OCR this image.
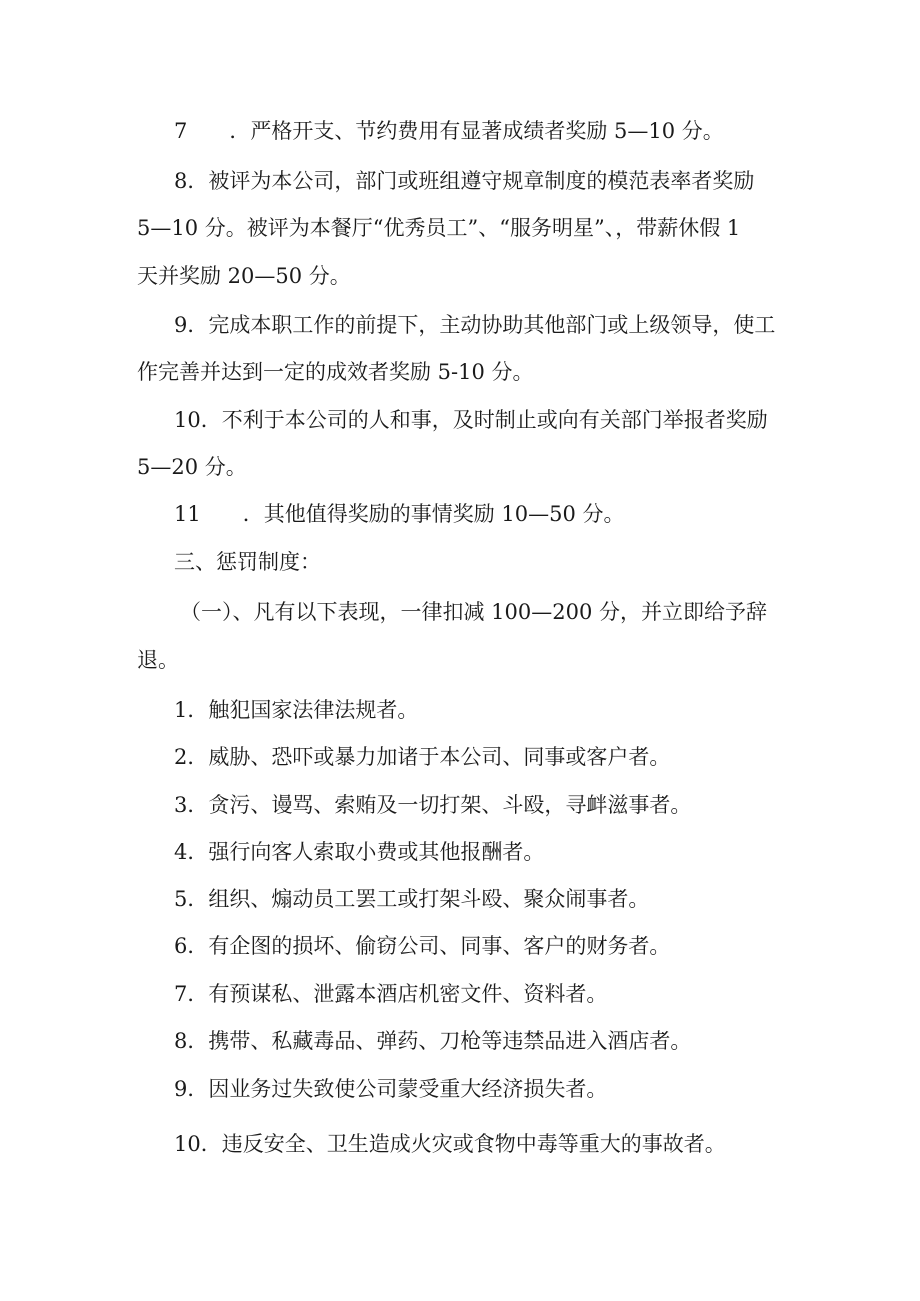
7　　．严格开支、节约费用有显著成绩者奖励 5—10 分。
8．被评为本公司，部门或班组遵守规章制度的模范表率者奖励
5—10 分。被评为本餐厅“优秀员工”、“服务明星”、，带薪休假 1
天并奖励 20—50 分。
9．完成本职工作的前提下，主动协助其他部门或上级领导，使工
作完善并达到一定的成效者奖励 5-10 分。
10．不利于本公司的人和事，及时制止或向有关部门举报者奖励
5—20 分。
11　　．其他值得奖励的事情奖励 10—50 分。
三、惩罚制度：
（一）、凡有以下表现，一律扣减 100—200 分，并立即给予辞
退。
1．触犯国家法律法规者。
2．威胁、恐吓或暴力加诸于本公司、同事或客户者。
3．贪污、谩骂、索贿及一切打架、斗殴，寻衅滋事者。
4．强行向客人索取小费或其他报酬者。
5．组织、煽动员工罢工或打架斗殴、聚众闹事者。
6．有企图的损坏、偷窃公司、同事、客户的财务者。
7．有预谋私、泄露本酒店机密文件、资料者。
8．携带、私藏毒品、弹药、刀枪等违禁品进入酒店者。
9．因业务过失致使公司蒙受重大经济损失者。
10．违反安全、卫生造成火灾或食物中毒等重大的事故者。
